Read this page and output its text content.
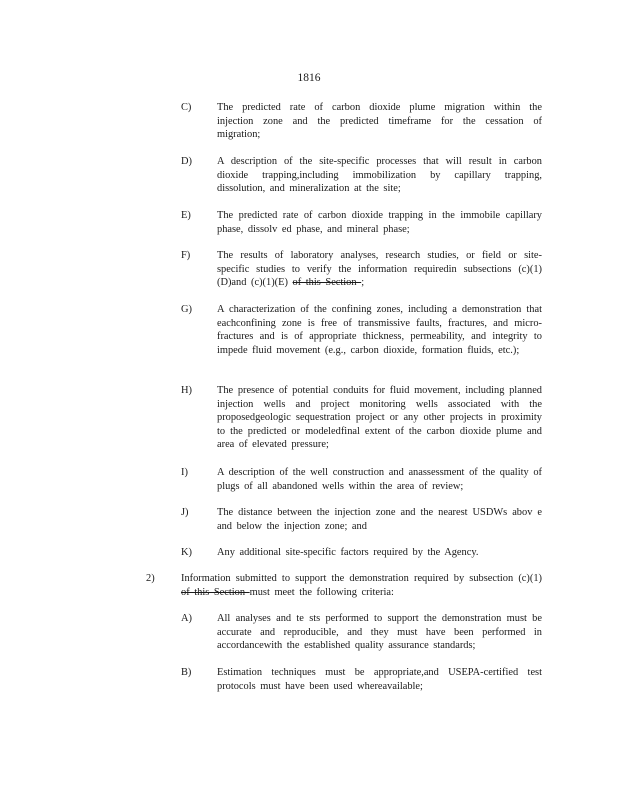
1816
C) The predicted rate of carbon dioxide plume migration within the injection zone and the predicted timeframe for the cessation of migration;
D) A description of the site-specific processes that will result in carbon dioxide trapping,including immobilization by capillary trapping, dissolution, and mineralization at the site;
E)	The predicted rate of carbon dioxide trapping in the immobile capillary phase, dissolv ed phase, and mineral phase;
F)	The results of laboratory analyses, research studies, or field or site-specific studies to verify the information requiredin subsections (c)(1)(D)and (c)(1)(E) of this Section ;
G) A characterization of the confining zones, including a demonstration that eachconfining zone is free of transmissive faults, fractures, and micro-fractures and is of appropriate thickness, permeability, and integrity to impede fluid movement (e.g., carbon dioxide, formation fluids, etc.);
H) The presence of potential conduits for fluid movement, including planned injection wells and project monitoring wells associated with the proposedgeologic sequestration project or any other projects in proximity to the predicted or modeledfinal extent of the carbon dioxide plume and area of elevated pressure;
I)	A description of the well construction and anassessment of the quality of plugs of all abandoned wells within the area of review;
J)	The distance between the injection zone and the nearest USDWs abov e and below the injection zone; and
K) Any additional site-specific factors required by the Agency.
2)	Information submitted to support the demonstration required by subsection (c)(1) of this Section must meet the following criteria:
A) All analyses and te sts performed to support the demonstration must be accurate and reproducible, and they must have been performed in accordancewith the established quality assurance standards;
B) Estimation techniques must be appropriate,and USEPA-certified test protocols must have been used whereavailable;
